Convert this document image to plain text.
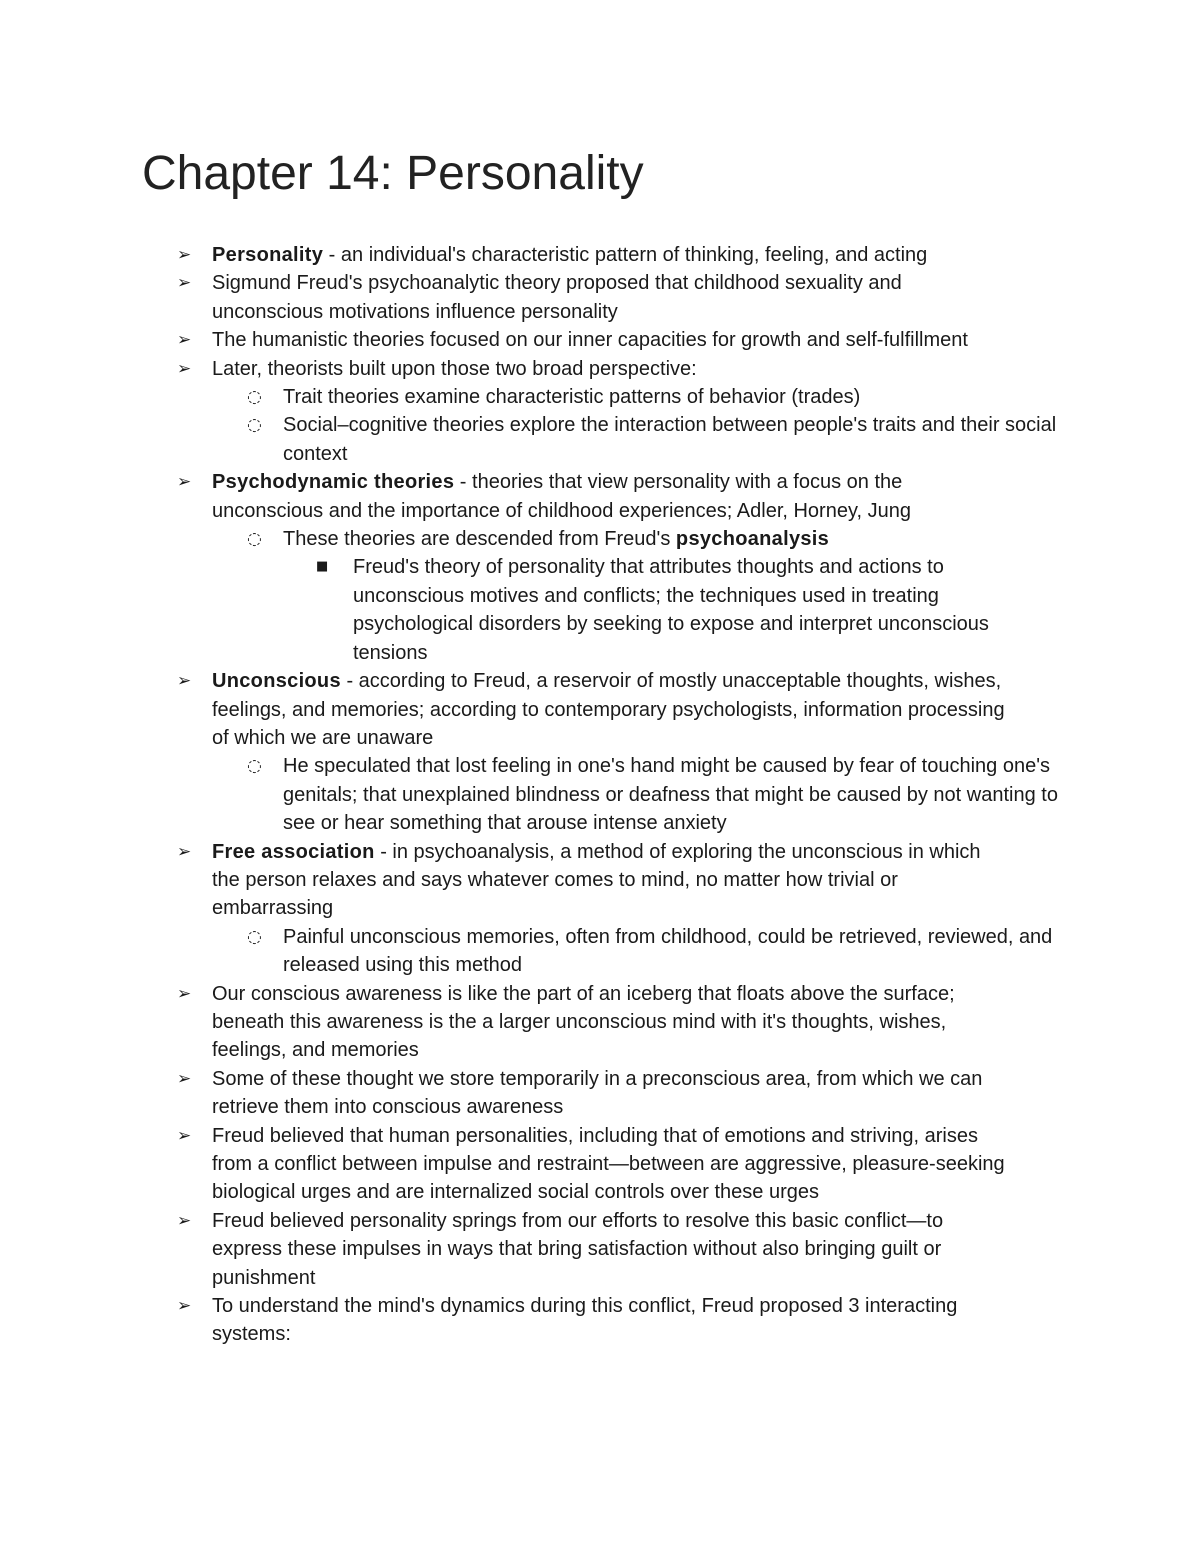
Chapter 14: Personality
➢	Personality - an individual's characteristic pattern of thinking, feeling, and acting
➢	Sigmund Freud's psychoanalytic theory proposed that childhood sexuality and unconscious motivations influence personality
➢	The humanistic theories focused on our inner capacities for growth and self-fulfillment
➢	Later, theorists built upon those two broad perspective:
◌	Trait theories examine characteristic patterns of behavior (trades)
◌	Social–cognitive theories explore the interaction between people's traits and their social context
➢	Psychodynamic theories - theories that view personality with a focus on the unconscious and the importance of childhood experiences; Adler, Horney, Jung
◌	These theories are descended from Freud's psychoanalysis
■	Freud's theory of personality that attributes thoughts and actions to unconscious motives and conflicts; the techniques used in treating psychological disorders by seeking to expose and interpret unconscious tensions
➢	Unconscious - according to Freud, a reservoir of mostly unacceptable thoughts, wishes, feelings, and memories; according to contemporary psychologists, information processing of which we are unaware
◌	He speculated that lost feeling in one's hand might be caused by fear of touching one's genitals; that unexplained blindness or deafness that might be caused by not wanting to see or hear something that arouse intense anxiety
➢	Free association - in psychoanalysis, a method of exploring the unconscious in which the person relaxes and says whatever comes to mind, no matter how trivial or embarrassing
◌	Painful unconscious memories, often from childhood, could be retrieved, reviewed, and released using this method
➢	Our conscious awareness is like the part of an iceberg that floats above the surface; beneath this awareness is the a larger unconscious mind with it's thoughts, wishes, feelings, and memories
➢	Some of these thought we store temporarily in a preconscious area, from which we can retrieve them into conscious awareness
➢	Freud believed that human personalities, including that of emotions and striving, arises from a conflict between impulse and restraint—between are aggressive, pleasure-seeking biological urges and are internalized social controls over these urges
➢	Freud believed personality springs from our efforts to resolve this basic conflict—to express these impulses in ways that bring satisfaction without also bringing guilt or punishment
➢	To understand the mind's dynamics during this conflict, Freud proposed 3 interacting systems:
